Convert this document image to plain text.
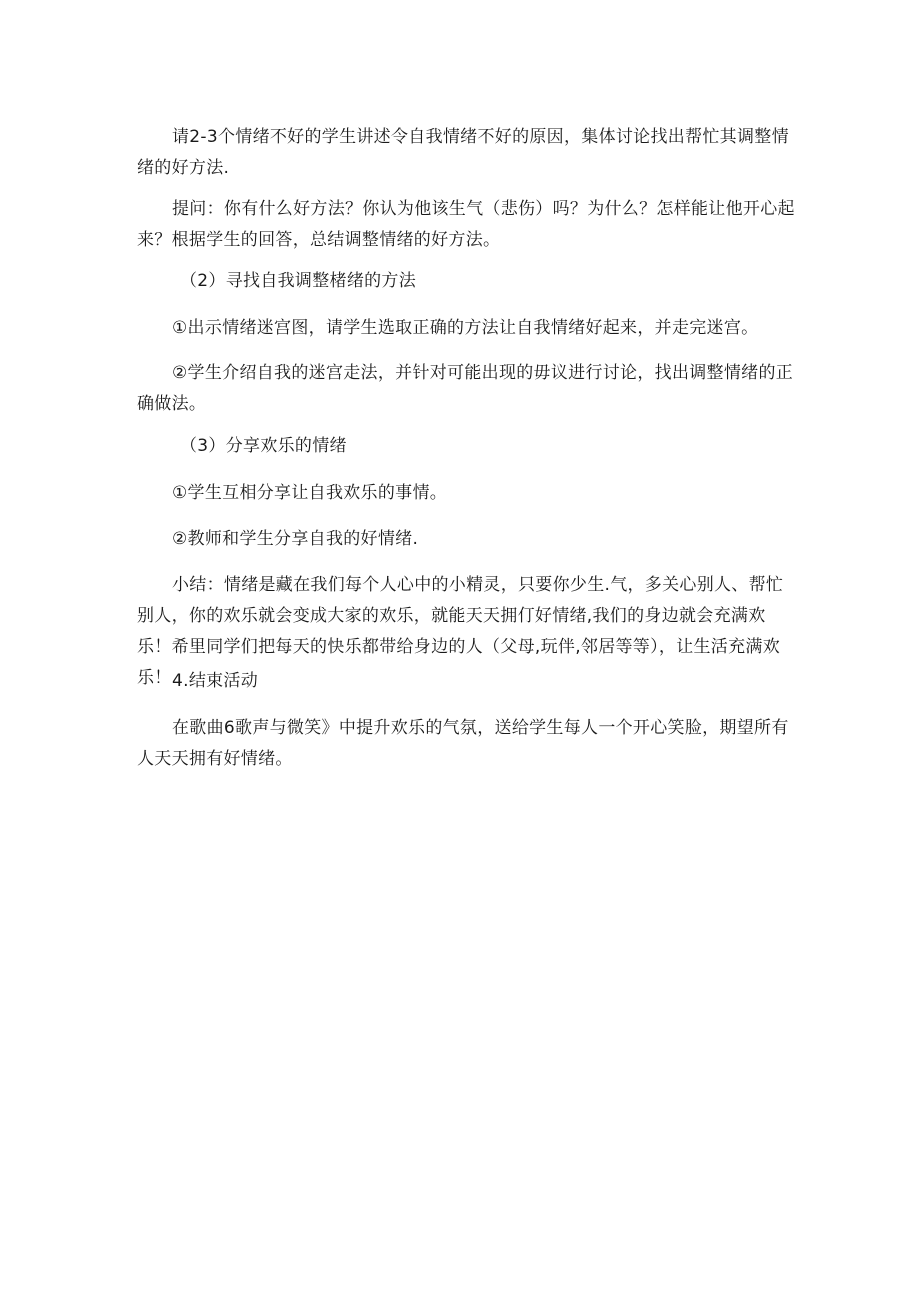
请2-3个情绪不好的学生讲述令自我情绪不好的原因，集体讨论找出帮忙其调整情绪的好方法.

提问：你有什么好方法？你认为他该生气（悲伤）吗？为什么？怎样能让他开心起来？根据学生的回答，总结调整情绪的好方法。

（2）寻找自我调整楮绪的方法

①出示情绪迷宫图，请学生选取正确的方法让自我情绪好起来，并走完迷宫。

②学生介绍自我的迷宫走法，并针对可能出现的毋议进行讨论，找出调整情绪的正确做法。

（3）分享欢乐的情绪

①学生互相分享让自我欢乐的事情。

②教师和学生分享自我的好情绪.

小结：情绪是藏在我们每个人心中的小精灵，只要你少生.气，多关心别人、帮忙别人，你的欢乐就会变成大家的欢乐，就能天天拥仃好情绪,我们的身边就会充满欢乐！希里同学们把每天的快乐都带给身边的人（父母,玩伴,邻居等等），让生活充满欢乐！ 4.结束活动

在歌曲6歌声与微笑》中提升欢乐的气氛，送给学生每人一个开心笑脸，期望所有人天天拥有好情绪。
